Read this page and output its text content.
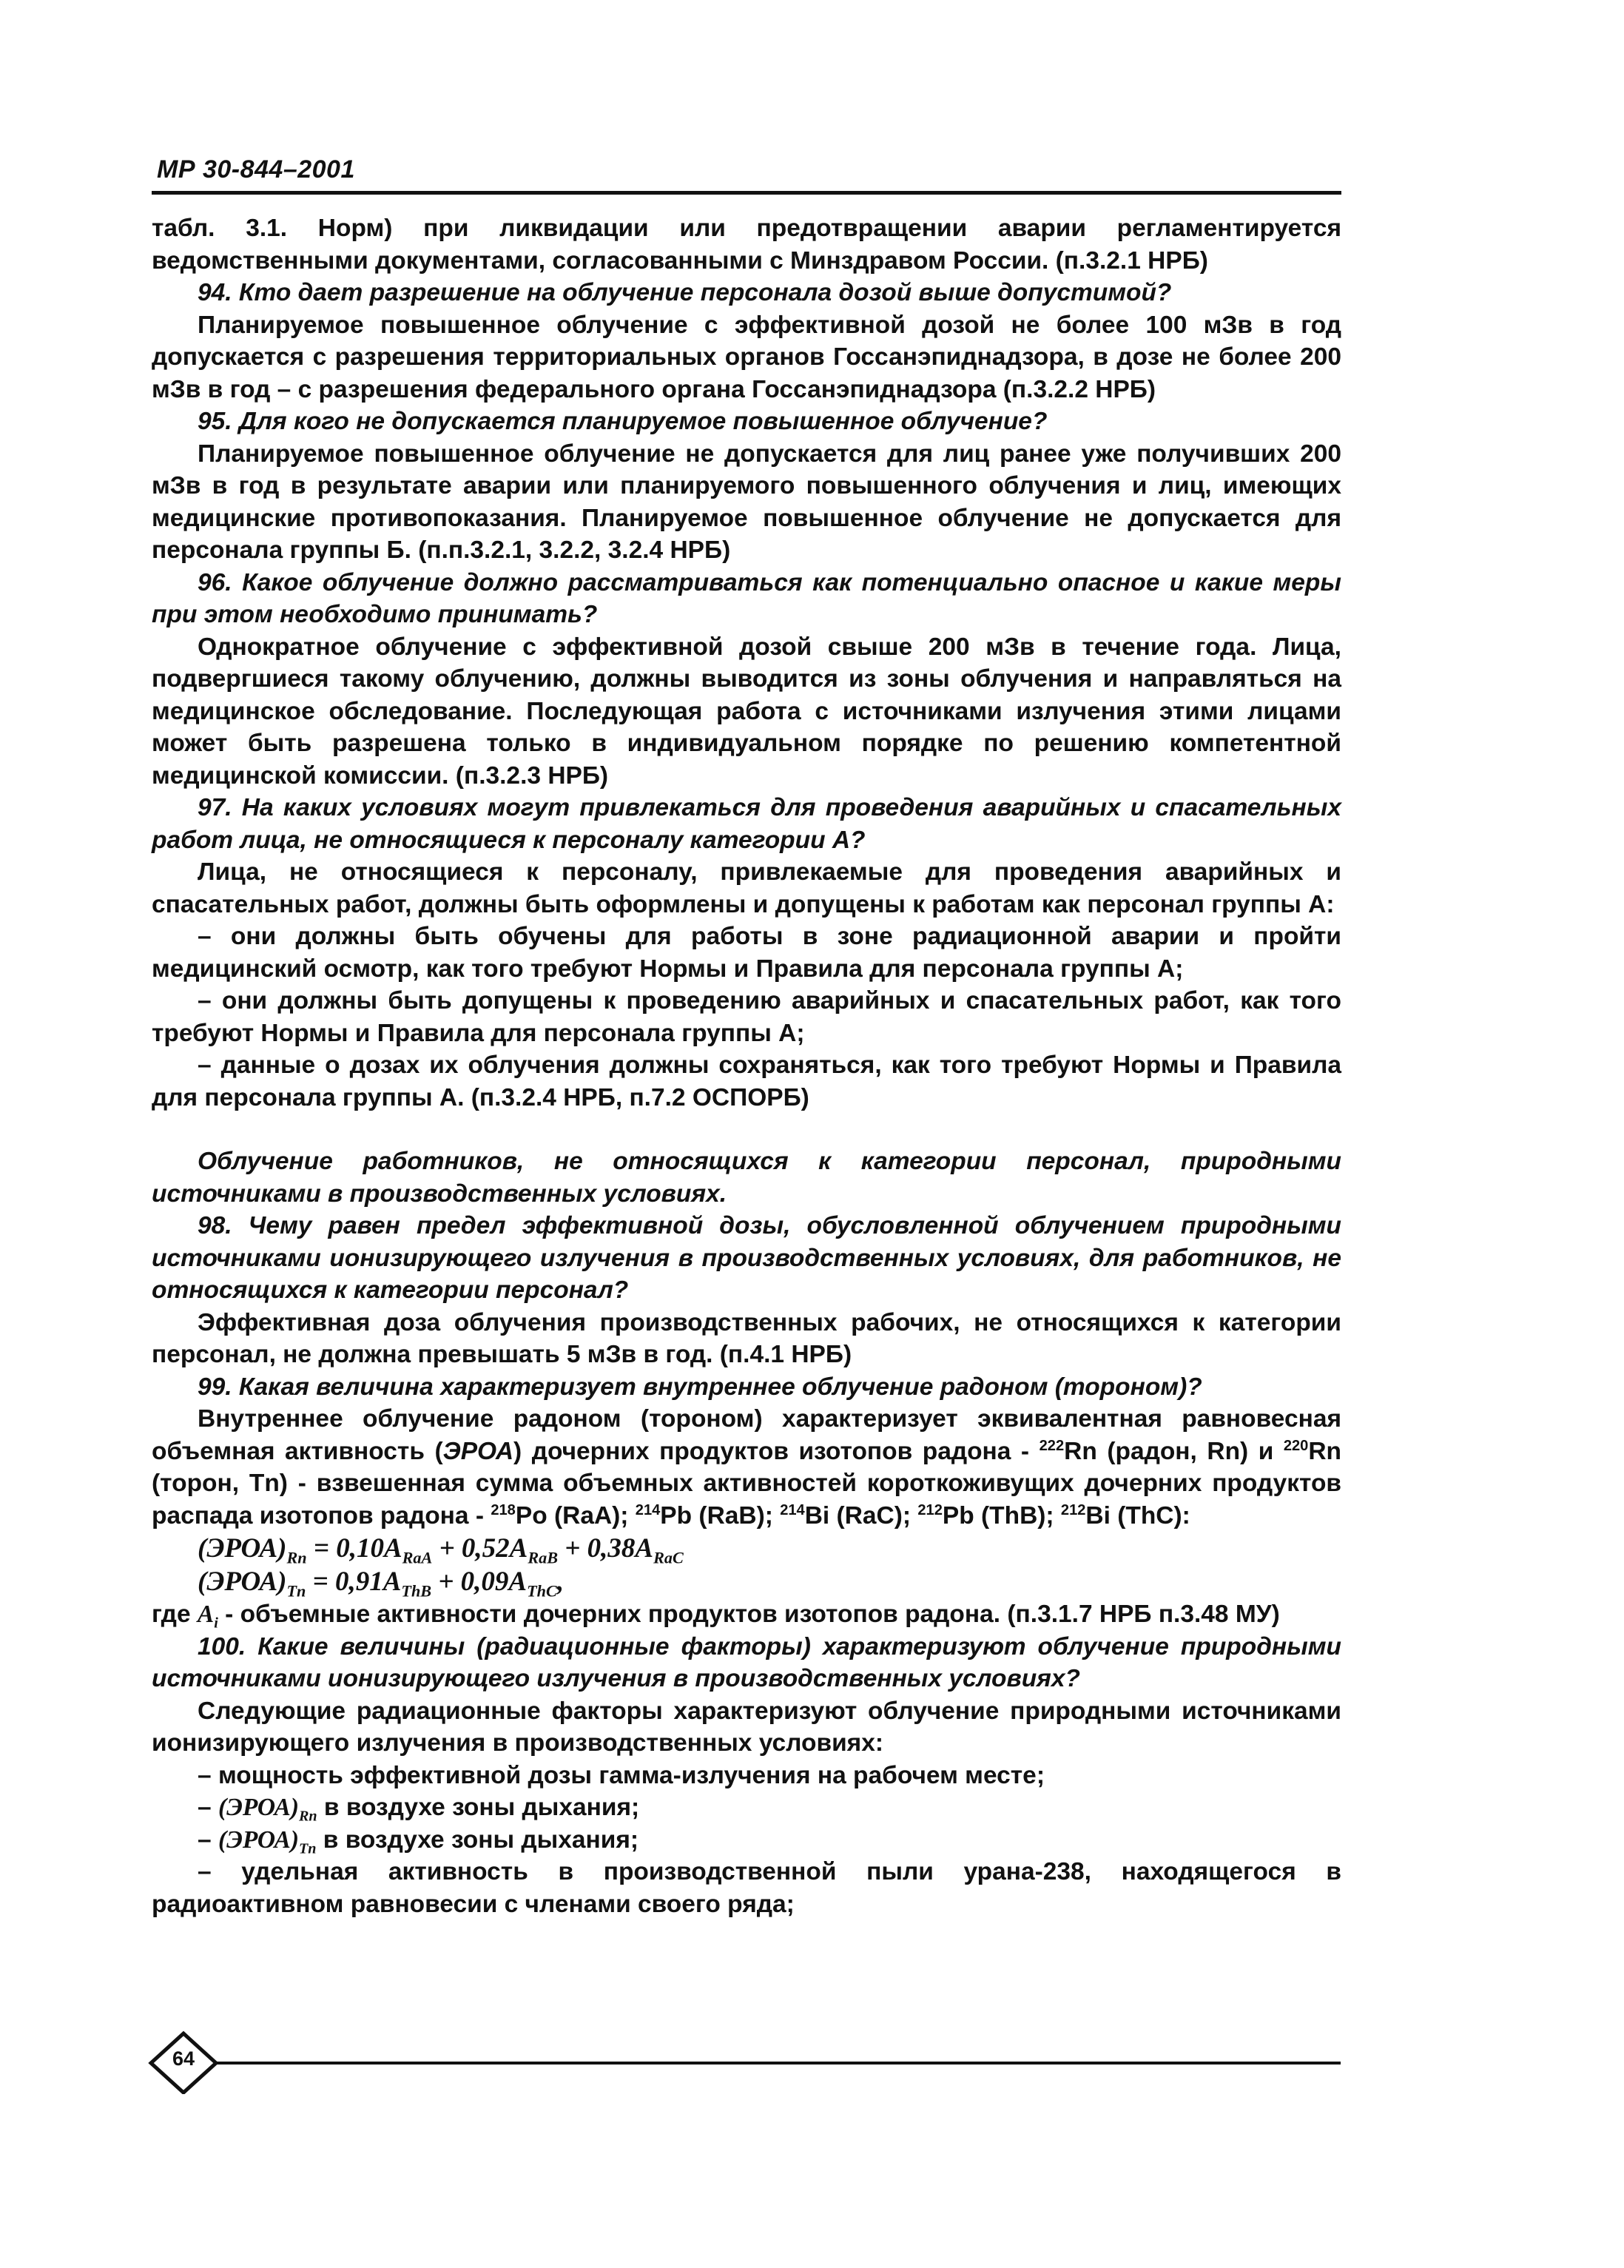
МР 30-844–2001

табл. 3.1. Норм) при ликвидации или предотвращении аварии регламентируется ведомственными документами, согласованными с Минздравом России. (п.3.2.1 НРБ)

94. Кто дает разрешение на облучение персонала дозой выше допустимой?

Планируемое повышенное облучение с эффективной дозой не более 100 мЗв в год допускается с разрешения территориальных органов Госсанэпиднадзора, в дозе не более 200 мЗв в год – с разрешения федерального органа Госсанэпиднадзора (п.3.2.2 НРБ)

95. Для кого не допускается планируемое повышенное облучение?

Планируемое повышенное облучение не допускается для лиц ранее уже получивших 200 мЗв в год в результате аварии или планируемого повышенного облучения и лиц, имеющих медицинские противопоказания. Планируемое повышенное облучение не допускается для персонала группы Б. (п.п.3.2.1, 3.2.2, 3.2.4 НРБ)

96. Какое облучение должно рассматриваться как потенциально опасное и какие меры при этом необходимо принимать?

Однократное облучение с эффективной дозой свыше 200 мЗв в течение года. Лица, подвергшиеся такому облучению, должны выводится из зоны облучения и направляться на медицинское обследование. Последующая работа с источниками излучения этими лицами может быть разрешена только в индивидуальном порядке по решению компетентной медицинской комиссии. (п.3.2.3 НРБ)

97. На каких условиях могут привлекаться для проведения аварийных и спасательных работ лица, не относящиеся к персоналу категории А?

Лица, не относящиеся к персоналу, привлекаемые для проведения аварийных и спасательных работ, должны быть оформлены и допущены к работам как персонал группы А:

– они должны быть обучены для работы в зоне радиационной аварии и пройти медицинский осмотр, как того требуют Нормы и Правила для персонала группы А;

– они должны быть допущены к проведению аварийных и спасательных работ, как того требуют Нормы и Правила для персонала группы А;

– данные о дозах их облучения должны сохраняться, как того требуют Нормы и Правила для персонала группы А. (п.3.2.4 НРБ, п.7.2 ОСПОРБ)

Облучение работников, не относящихся к категории персонал, природными источниками в производственных условиях.

98. Чему равен предел эффективной дозы, обусловленной облучением природными источниками ионизирующего излучения в производственных условиях, для работников, не относящихся к категории персонал?

Эффективная доза облучения производственных рабочих, не относящихся к категории персонал, не должна превышать 5 мЗв в год. (п.4.1 НРБ)

99. Какая величина характеризует внутреннее облучение радоном (тороном)?

Внутреннее облучение радоном (тороном) характеризует эквивалентная равновесная объемная активность (ЭРОА) дочерних продуктов изотопов радона - $^{222}$Rn (радон, Rn) и $^{220}$Rn (торон, Tn) - взвешенная сумма объемных активностей короткоживущих дочерних продуктов распада изотопов радона - $^{218}$Po (RaA); $^{214}$Pb (RaB); $^{214}$Bi (RaC); $^{212}$Pb (ThB); $^{212}$Bi (ThC):

$(ЭРОА)_{Rn} = 0,10A_{RaA} + 0,52A_{RaB} + 0,38A_{RaC}$

$(ЭРОА)_{Tn} = 0,91A_{ThB} + 0,09A_{ThC}$,

где $A_i$ - объемные активности дочерних продуктов изотопов радона. (п.3.1.7 НРБ п.3.48 МУ)

100. Какие величины (радиационные факторы) характеризуют облучение природными источниками ионизирующего излучения в производственных условиях?

Следующие радиационные факторы характеризуют облучение природными источниками ионизирующего излучения в производственных условиях:

– мощность эффективной дозы гамма-излучения на рабочем месте;

– $(ЭРОА)_{Rn}$ в воздухе зоны дыхания;

– $(ЭРОА)_{Tn}$ в воздухе зоны дыхания;

– удельная активность в производственной пыли урана-238, находящегося в радиоактивном равновесии с членами своего ряда;

64
